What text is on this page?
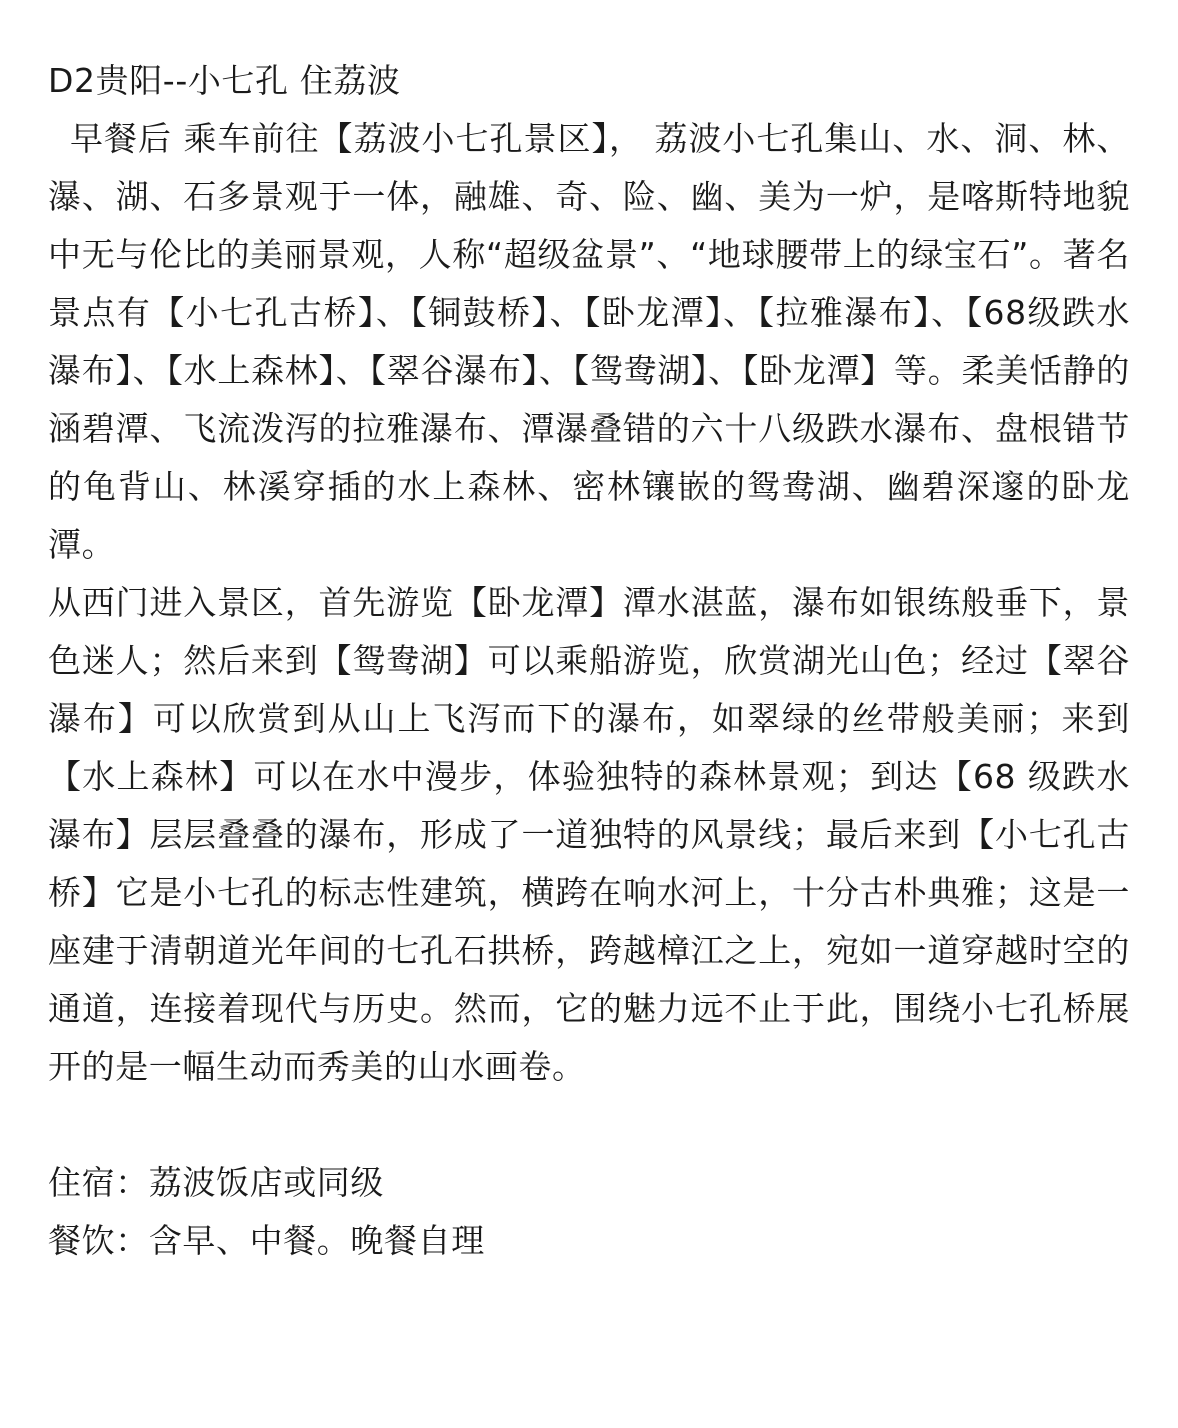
D2贵阳--小七孔 住荔波

早餐后 乘车前往【荔波小七孔景区】， 荔波小七孔集山、水、洞、林、瀑、湖、石多景观于一体，融雄、奇、险、幽、美为一炉，是喀斯特地貌中无与伦比的美丽景观，人称“超级盆景”、“地球腰带上的绿宝石”。著名景点有【小七孔古桥】、【铜鼓桥】、【卧龙潭】、【拉雅瀑布】、【68级跌水瀑布】、【水上森林】、【翠谷瀑布】、【鸳鸯湖】、【卧龙潭】等。柔美恬静的涵碧潭、飞流泼泻的拉雅瀑布、潭瀑叠错的六十八级跌水瀑布、盘根错节的龟背山、林溪穿插的水上森林、密林镶嵌的鸳鸯湖、幽碧深邃的卧龙潭。

从西门进入景区，首先游览【卧龙潭】潭水湛蓝，瀑布如银练般垂下，景色迷人；然后来到【鸳鸯湖】可以乘船游览，欣赏湖光山色；经过【翠谷瀑布】可以欣赏到从山上飞泻而下的瀑布，如翠绿的丝带般美丽；来到【水上森林】可以在水中漫步，体验独特的森林景观；到达【68 级跌水瀑布】层层叠叠的瀑布，形成了一道独特的风景线；最后来到【小七孔古桥】它是小七孔的标志性建筑，横跨在响水河上，十分古朴典雅；这是一座建于清朝道光年间的七孔石拱桥，跨越樟江之上，宛如一道穿越时空的通道，连接着现代与历史。然而，它的魅力远不止于此，围绕小七孔桥展开的是一幅生动而秀美的山水画卷。

住宿：荔波饭店或同级

餐饮：含早、中餐。晚餐自理
